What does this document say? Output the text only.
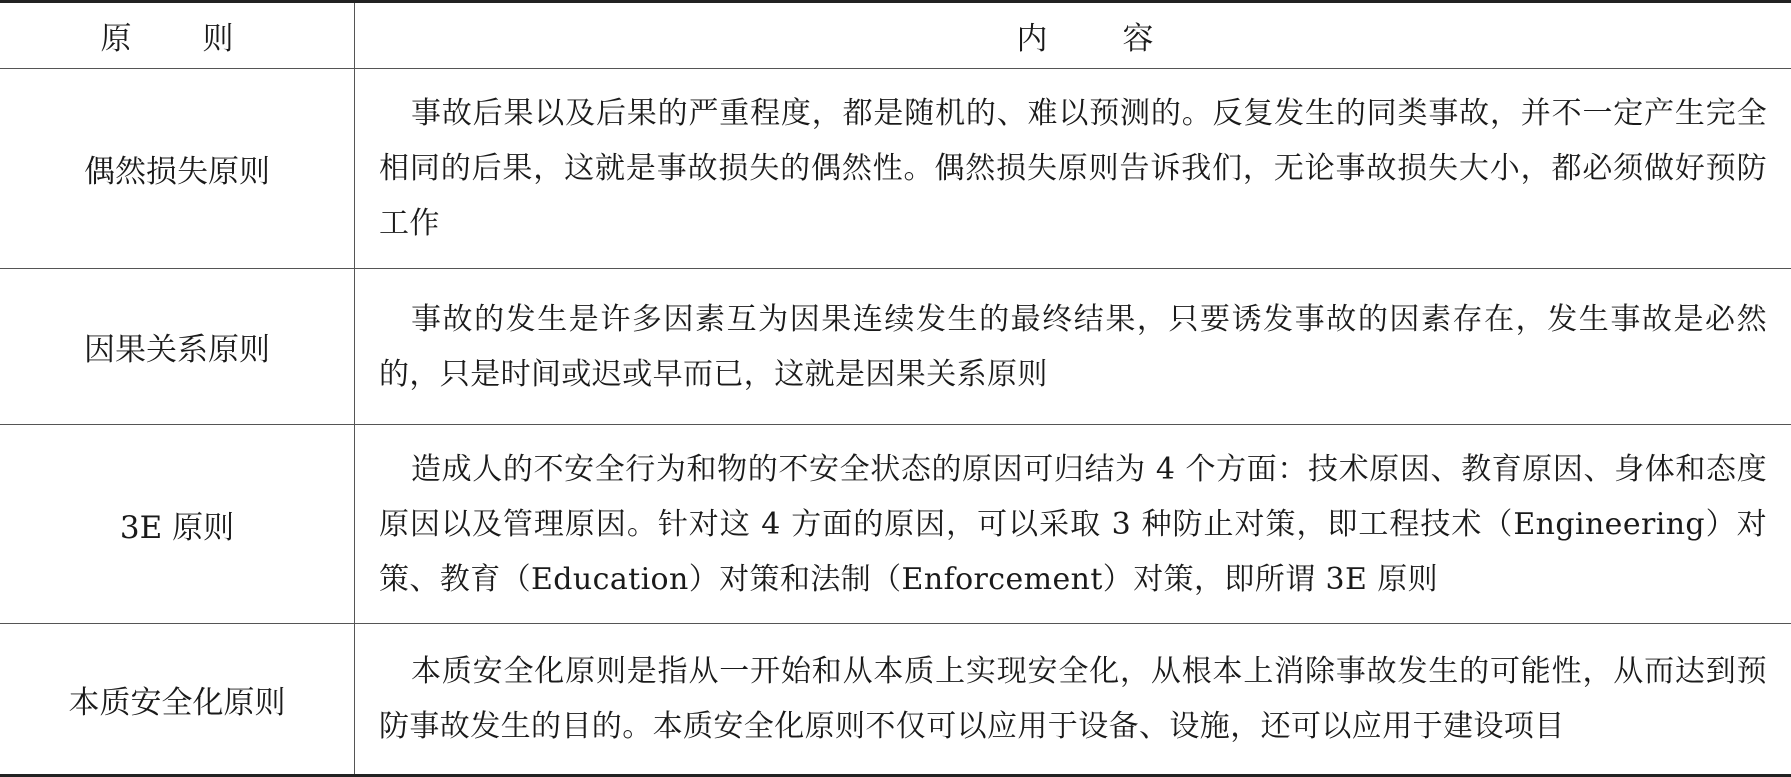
原　则	内　容
偶然损失原则

事故后果以及后果的严重程度，都是随机的、难以预测的。反复发生的同类事故，并不一定产生完全相同的后果，这就是事故损失的偶然性。偶然损失原则告诉我们，无论事故损失大小，都必须做好预防工作

因果关系原则

事故的发生是许多因素互为因果连续发生的最终结果，只要诱发事故的因素存在，发生事故是必然的，只是时间或迟或早而已，这就是因果关系原则

3E 原则

造成人的不安全行为和物的不安全状态的原因可归结为 4 个方面：技术原因、教育原因、身体和态度原因以及管理原因。针对这 4 方面的原因，可以采取 3 种防止对策，即工程技术（Engineering）对策、教育（Education）对策和法制（Enforcement）对策，即所谓 3E 原则

本质安全化原则

本质安全化原则是指从一开始和从本质上实现安全化，从根本上消除事故发生的可能性，从而达到预防事故发生的目的。本质安全化原则不仅可以应用于设备、设施，还可以应用于建设项目
